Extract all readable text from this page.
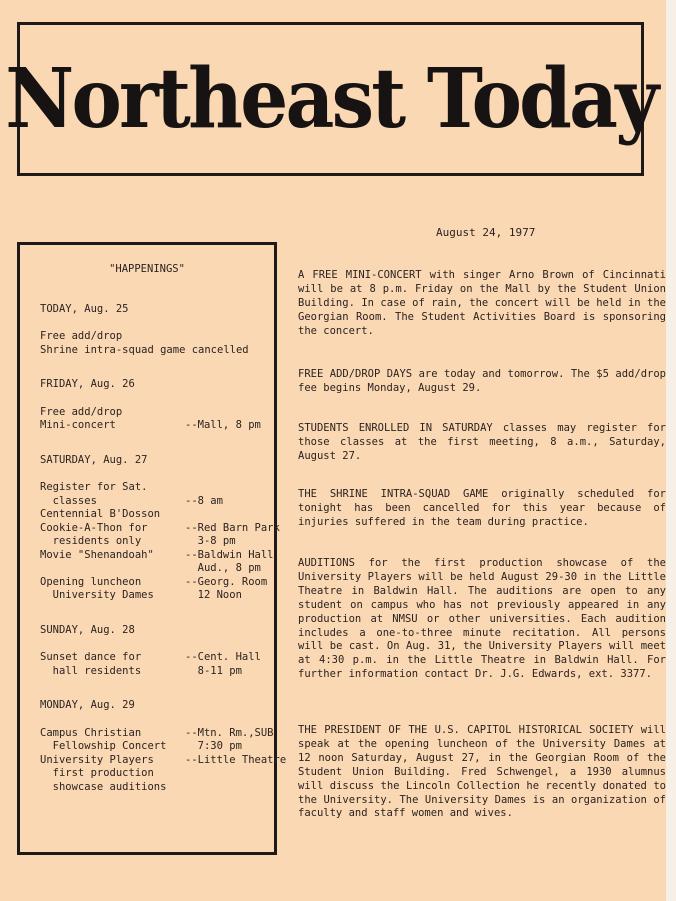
Northeast Today
August 24, 1977
"HAPPENINGS"
TODAY, Aug. 25
Free add/drop
Shrine intra-squad game cancelled
FRIDAY, Aug. 26
Free add/drop
Mini-concert	--Mall, 8 pm
SATURDAY, Aug. 27
Register for Sat.
classes	--8 am
Centennial B'Dosson
Cookie-A-Thon for	--Red Barn Park
residents only	3-8 pm
Movie "Shenandoah"	--Baldwin Hall
Aud., 8 pm
Opening luncheon	--Georg. Room
University Dames	12 Noon
SUNDAY, Aug. 28
Sunset dance for	--Cent. Hall
hall residents	8-11 pm
MONDAY, Aug. 29
Campus Christian	--Mtn. Rm.,SUB
Fellowship Concert	7:30 pm
University Players	--Little Theatre
first production
showcase auditions
A FREE MINI-CONCERT with singer Arno Brown of Cincinnati will be at 8 p.m. Friday on the Mall by the Student Union Building. In case of rain, the concert will be held in the Georgian Room. The Student Activities Board is sponsoring the concert.
FREE ADD/DROP DAYS are today and tomorrow. The $5 add/drop fee begins Monday, August 29.
STUDENTS ENROLLED IN SATURDAY classes may register for those classes at the first meeting, 8 a.m., Saturday, August 27.
THE SHRINE INTRA-SQUAD GAME originally scheduled for tonight has been cancelled for this year because of injuries suffered in the team during practice.
AUDITIONS for the first production showcase of the University Players will be held August 29-30 in the Little Theatre in Baldwin Hall. The auditions are open to any student on campus who has not previously appeared in any production at NMSU or other universities. Each audition includes a one-to-three minute recitation. All persons will be cast. On Aug. 31, the University Players will meet at 4:30 p.m. in the Little Theatre in Baldwin Hall. For further information contact Dr. J.G. Edwards, ext. 3377.
THE PRESIDENT OF THE U.S. CAPITOL HISTORICAL SOCIETY will speak at the opening luncheon of the University Dames at 12 noon Saturday, August 27, in the Georgian Room of the Student Union Building. Fred Schwengel, a 1930 alumnus will discuss the Lincoln Collection he recently donated to the University. The University Dames is an organization of faculty and staff women and wives.
